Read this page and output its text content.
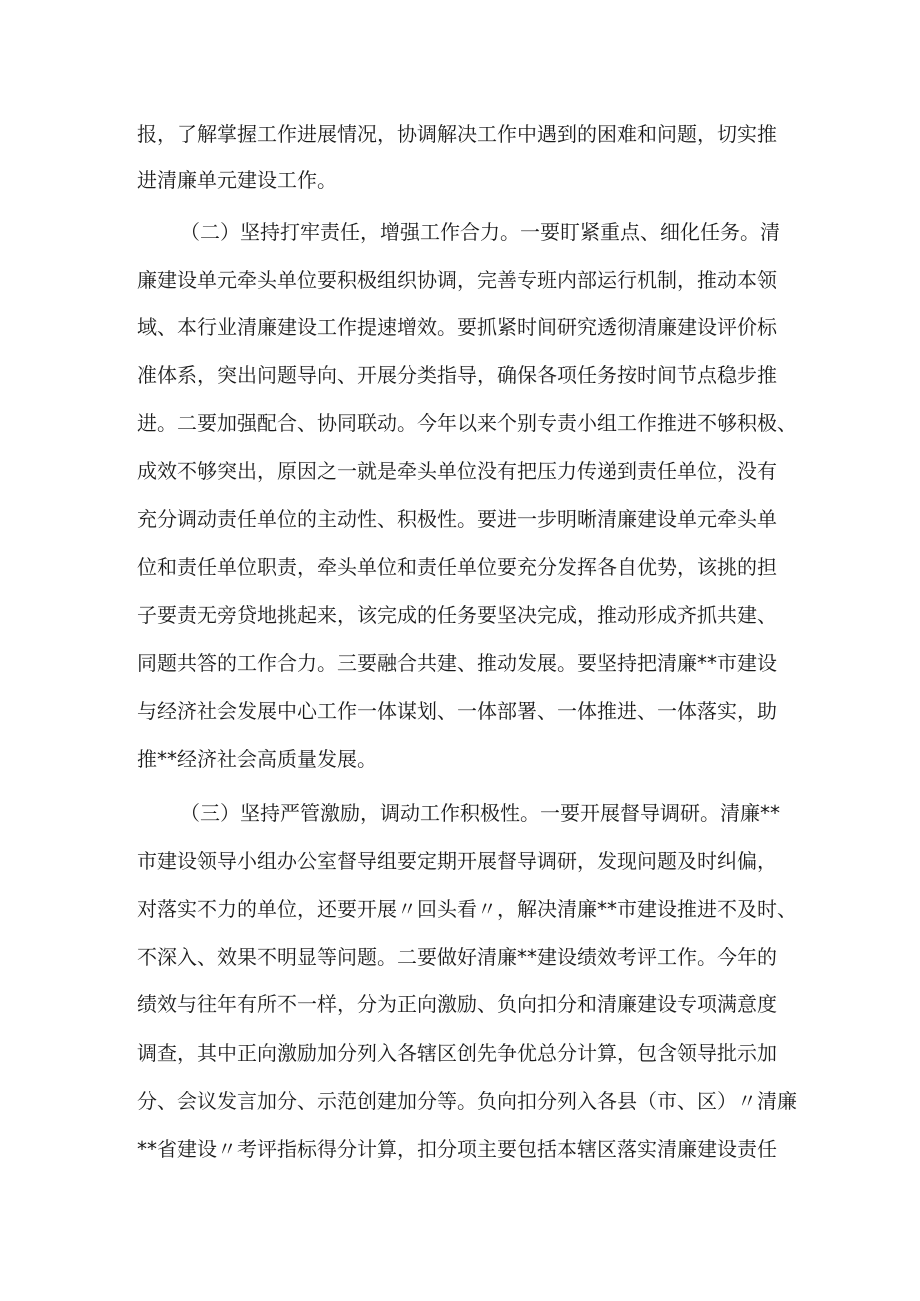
报，了解掌握工作进展情况，协调解决工作中遇到的困难和问题，切实推
进清廉单元建设工作。
（二）坚持打牢责任，增强工作合力。一要盯紧重点、细化任务。清
廉建设单元牵头单位要积极组织协调，完善专班内部运行机制，推动本领
域、本行业清廉建设工作提速增效。要抓紧时间研究透彻清廉建设评价标
准体系，突出问题导向、开展分类指导，确保各项任务按时间节点稳步推
进。二要加强配合、协同联动。今年以来个别专责小组工作推进不够积极、
成效不够突出，原因之一就是牵头单位没有把压力传递到责任单位，没有
充分调动责任单位的主动性、积极性。要进一步明晰清廉建设单元牵头单
位和责任单位职责，牵头单位和责任单位要充分发挥各自优势，该挑的担
子要责无旁贷地挑起来，该完成的任务要坚决完成，推动形成齐抓共建、
同题共答的工作合力。三要融合共建、推动发展。要坚持把清廉**市建设
与经济社会发展中心工作一体谋划、一体部署、一体推进、一体落实，助
推**经济社会高质量发展。
（三）坚持严管激励，调动工作积极性。一要开展督导调研。清廉**
市建设领导小组办公室督导组要定期开展督导调研，发现问题及时纠偏，
对落实不力的单位，还要开展〃回头看〃，解决清廉**市建设推进不及时、
不深入、效果不明显等问题。二要做好清廉**建设绩效考评工作。今年的
绩效与往年有所不一样，分为正向激励、负向扣分和清廉建设专项满意度
调查，其中正向激励加分列入各辖区创先争优总分计算，包含领导批示加
分、会议发言加分、示范创建加分等。负向扣分列入各县（市、区）〃清廉
**省建设〃考评指标得分计算，扣分项主要包括本辖区落实清廉建设责任
